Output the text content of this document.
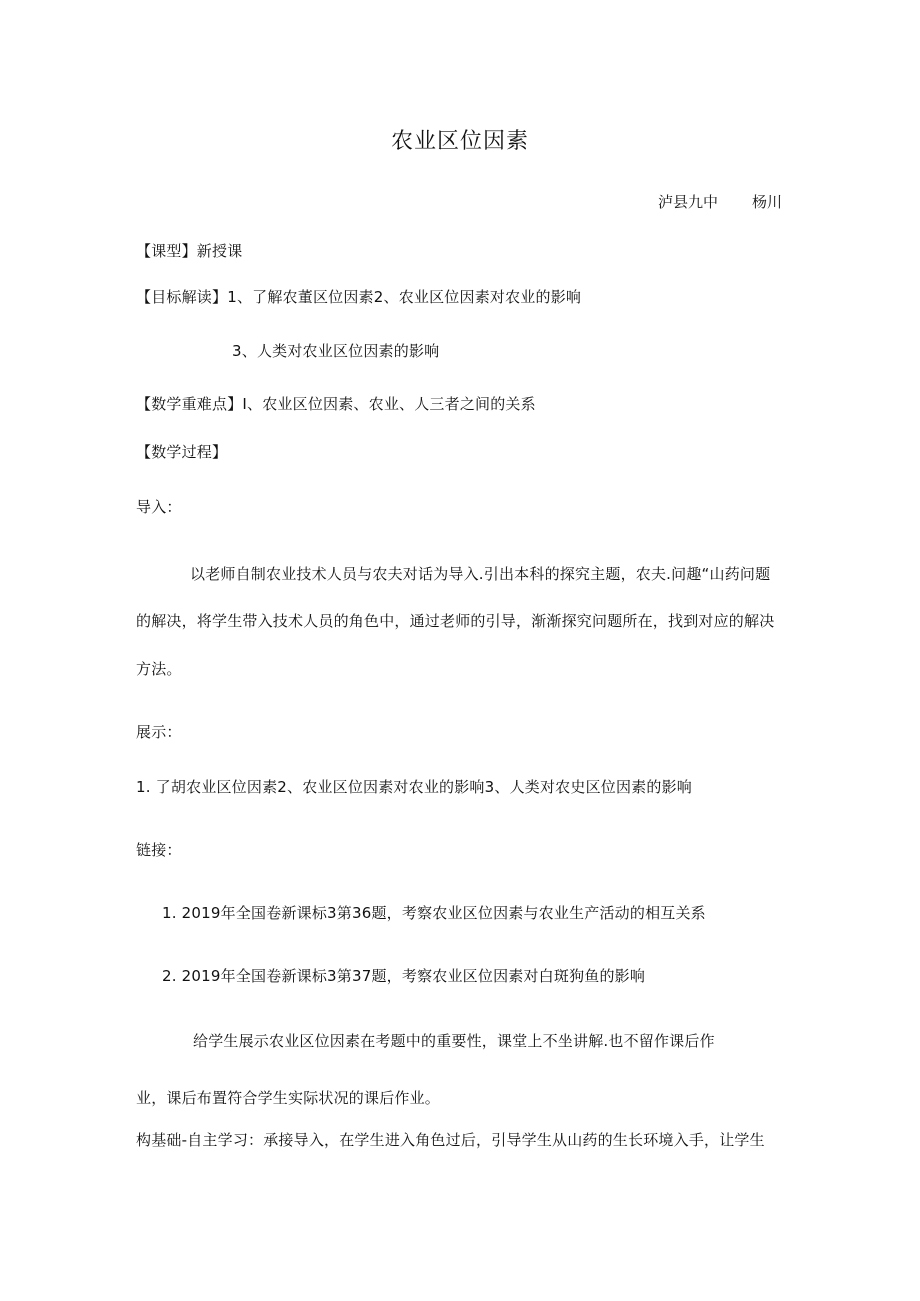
农业区位因素
泸县九中 杨川
【课型】新授课
【目标解读】1、了解农董区位因素2、农业区位因素对农业的影响
3、人类对农业区位因素的影响
【数学重难点】I、农业区位因素、农业、人三者之间的关系
【数学过程】
导入：
以老师自制农业技术人员与农夫对话为导入.引出本科的探究主题，农夫.问趣“山药问题
的解决，将学生带入技术人员的角色中，通过老师的引导，渐渐探究问题所在，找到对应的解决
方法。
展示：
1. 了胡农业区位因素2、农业区位因素对农业的影响3、人类对农史区位因素的影响
链接：
1. 2019年全国卷新课标3第36题，考察农业区位因素与农业生产活动的相互关系
2. 2019年全国卷新课标3第37题，考察农业区位因素对白斑狗鱼的影响
给学生展示农业区位因素在考题中的重要性，课堂上不坐讲解.也不留作课后作
业，课后布置符合学生实际状况的课后作业。
构基础-自主学习：承接导入，在学生进入角色过后，引导学生从山药的生长环境入手，让学生
